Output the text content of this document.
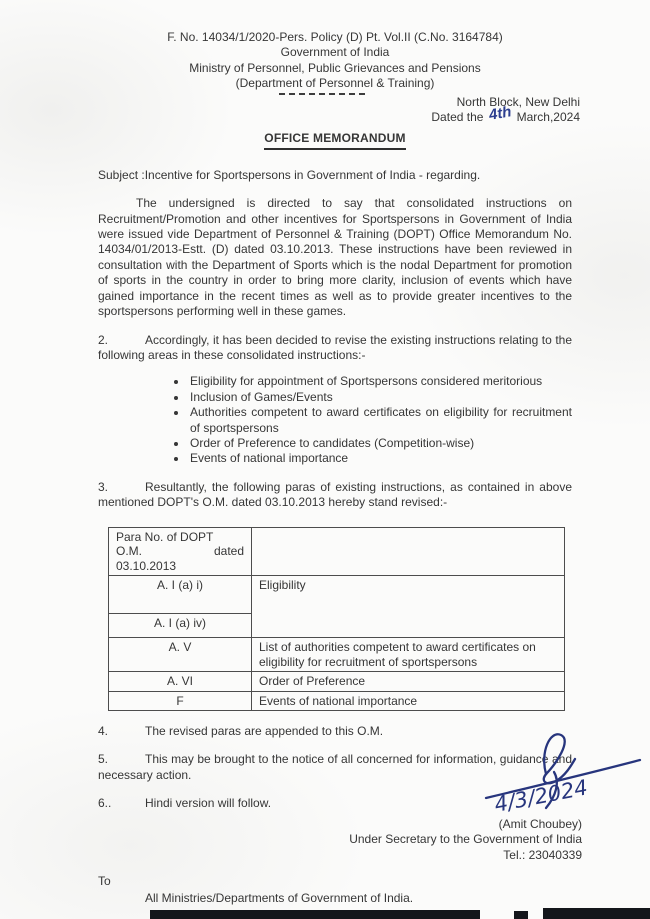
F. No. 14034/1/2020-Pers. Policy (D) Pt. Vol.II (C.No. 3164784)
Government of India
Ministry of Personnel, Public Grievances and Pensions
(Department of Personnel & Training)
North Block, New Delhi
Dated the 4th March,2024
OFFICE MEMORANDUM
Subject :Incentive for Sportspersons in Government of India - regarding.

The undersigned is directed to say that consolidated instructions on Recruitment/Promotion and other incentives for Sportspersons in Government of India were issued vide Department of Personnel & Training (DOPT) Office Memorandum No. 14034/01/2013-Estt. (D) dated 03.10.2013. These instructions have been reviewed in consultation with the Department of Sports which is the nodal Department for promotion of sports in the country in order to bring more clarity, inclusion of events which have gained importance in the recent times as well as to provide greater incentives to the sportspersons performing well in these games.

2.	Accordingly, it has been decided to revise the existing instructions relating to the following areas in these consolidated instructions:-

• Eligibility for appointment of Sportspersons considered meritorious
• Inclusion of Games/Events
• Authorities competent to award certificates on eligibility for recruitment of sportspersons
• Order of Preference to candidates (Competition-wise)
• Events of national importance

3.	Resultantly, the following paras of existing instructions, as contained in above mentioned DOPT's O.M. dated 03.10.2013 hereby stand revised:-

Para No. of DOPT
O.M. dated
03.10.2013	

A. I (a) i)	Eligibility
A. I (a) iv)	
A. V	List of authorities competent to award certificates on eligibility for recruitment of sportspersons
A. VI	Order of Preference
F	Events of national importance

4.	The revised paras are appended to this O.M.

5.	This may be brought to the notice of all concerned for information, guidance and necessary action.

6..	Hindi version will follow.

(Amit Choubey)
Under Secretary to the Government of India
Tel.: 23040339
To
All Ministries/Departments of Government of India.
4/3/2024
